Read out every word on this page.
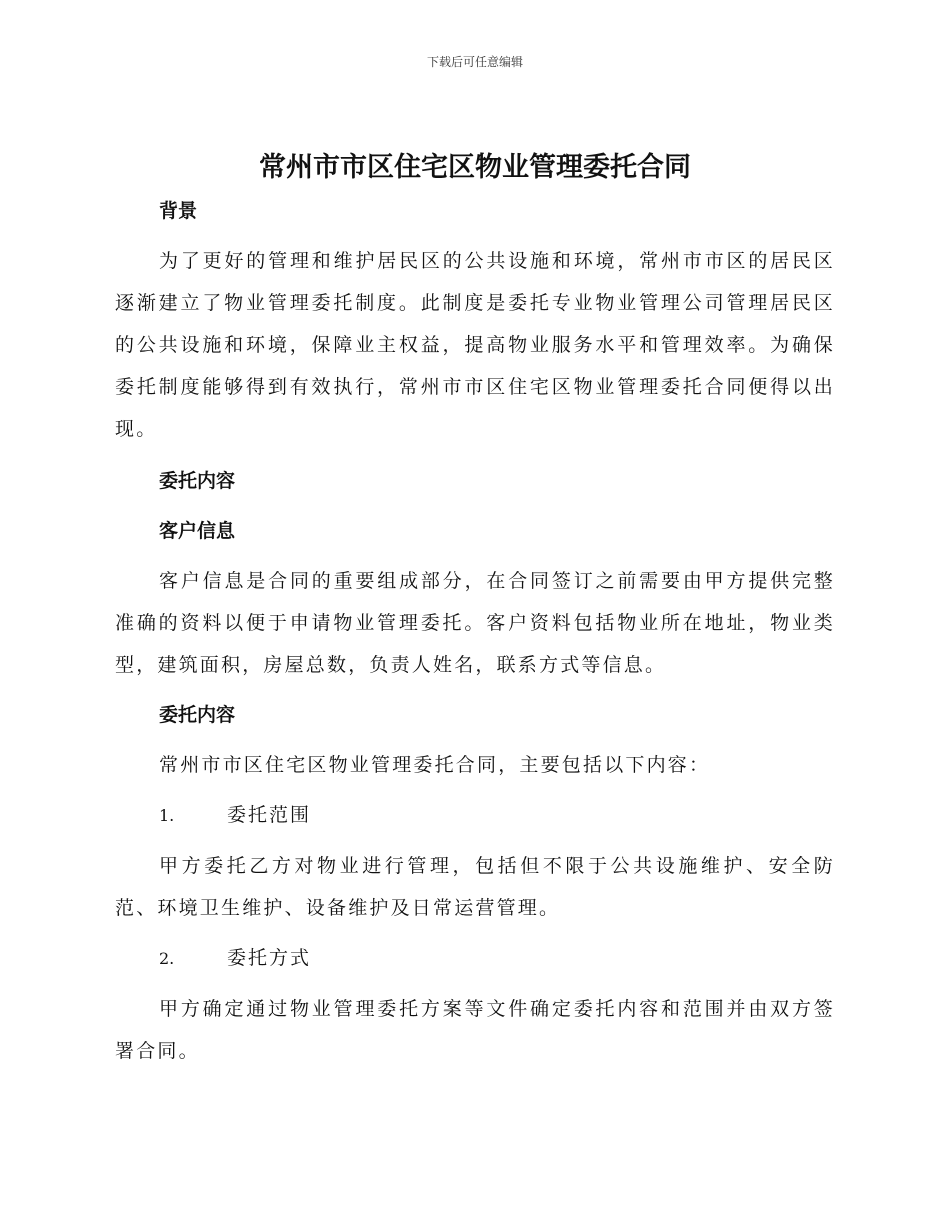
下载后可任意编辑
常州市市区住宅区物业管理委托合同
背景

为了更好的管理和维护居民区的公共设施和环境，常州市市区的居民区逐渐建立了物业管理委托制度。此制度是委托专业物业管理公司管理居民区的公共设施和环境，保障业主权益，提高物业服务水平和管理效率。为确保委托制度能够得到有效执行，常州市市区住宅区物业管理委托合同便得以出现。

委托内容
客户信息

客户信息是合同的重要组成部分，在合同签订之前需要由甲方提供完整准确的资料以便于申请物业管理委托。客户资料包括物业所在地址，物业类型，建筑面积，房屋总数，负责人姓名，联系方式等信息。

委托内容

常州市市区住宅区物业管理委托合同，主要包括以下内容：

1.	委托范围

甲方委托乙方对物业进行管理，包括但不限于公共设施维护、安全防范、环境卫生维护、设备维护及日常运营管理。

2.	委托方式

甲方确定通过物业管理委托方案等文件确定委托内容和范围并由双方签署合同。
